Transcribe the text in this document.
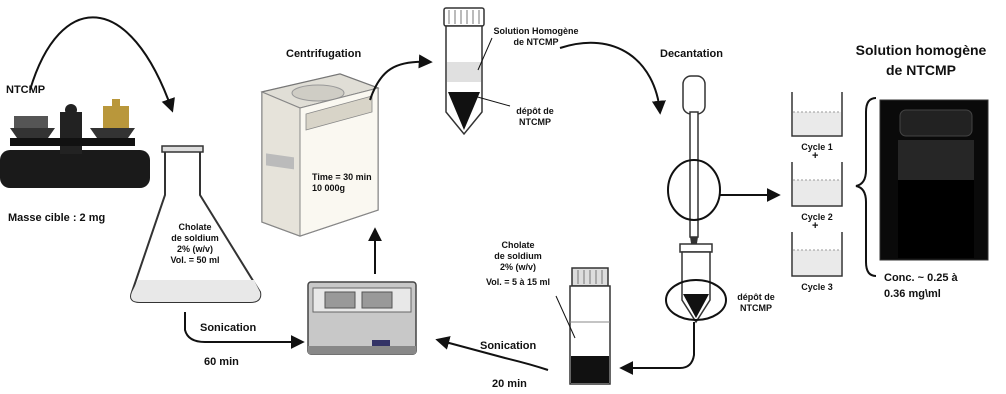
NTCMP
Masse cible : 2 mg
Cholate
de soldium
2% (w/v)
Vol. = 50 ml
Sonication
60 min
Centrifugation
Time = 30 min
10 000g
Solution Homogène
de NTCMP
dépôt de
NTCMP
Decantation
Cholate
de soldium
2% (w/v)
Vol. = 5 à 15 ml
Sonication
20 min
dépôt de
NTCMP
Cycle 1
+
Cycle 2
+
Cycle 3
Solution homogène
de NTCMP
Conc. ~ 0.25 à
0.36 mg\ml
